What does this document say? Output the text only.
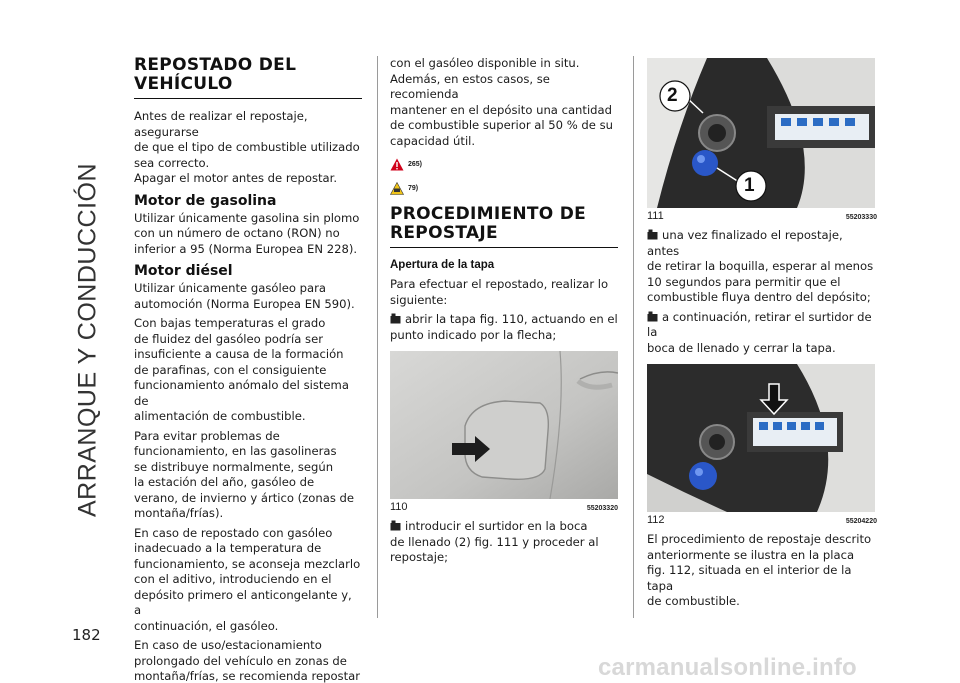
ARRANQUE Y CONDUCCIÓN
182
REPOSTADO DEL VEHÍCULO

Antes de realizar el repostaje, asegurarse
de que el tipo de combustible utilizado
sea correcto.
Apagar el motor antes de repostar.

Motor de gasolina

Utilizar únicamente gasolina sin plomo
con un número de octano (RON) no
inferior a 95 (Norma Europea EN 228).

Motor diésel

Utilizar únicamente gasóleo para
automoción (Norma Europea EN 590).

Con bajas temperaturas el grado
de fluidez del gasóleo podría ser
insuficiente a causa de la formación
de parafinas, con el consiguiente
funcionamiento anómalo del sistema de
alimentación de combustible.

Para evitar problemas de
funcionamiento, en las gasolineras
se distribuye normalmente, según
la estación del año, gasóleo de
verano, de invierno y ártico (zonas de
montaña/frías).

En caso de repostado con gasóleo
inadecuado a la temperatura de
funcionamiento, se aconseja mezclarlo
con el aditivo, introduciendo en el
depósito primero el anticongelante y, a
continuación, el gasóleo.

En caso de uso/estacionamiento
prolongado del vehículo en zonas de
montaña/frías, se recomienda repostar

con el gasóleo disponible in situ.
Además, en estos casos, se recomienda
mantener en el depósito una cantidad
de combustible superior al 50 % de su
capacidad útil.

265)
79)
PROCEDIMIENTO DE REPOSTAJE
Apertura de la tapa

Para efectuar el repostado, realizar lo
siguiente:

abrir la tapa fig. 110, actuando en el
punto indicado por la flecha;

110	55203320

introducir el surtidor en la boca
de llenado (2) fig. 111 y proceder al
repostaje;

2
1
111	55203330

una vez finalizado el repostaje, antes
de retirar la boquilla, esperar al menos
10 segundos para permitir que el
combustible fluya dentro del depósito;

a continuación, retirar el surtidor de la
boca de llenado y cerrar la tapa.

112	55204220

El procedimiento de repostaje descrito
anteriormente se ilustra en la placa
fig. 112, situada en el interior de la tapa
de combustible.

carmanualsonline.info
